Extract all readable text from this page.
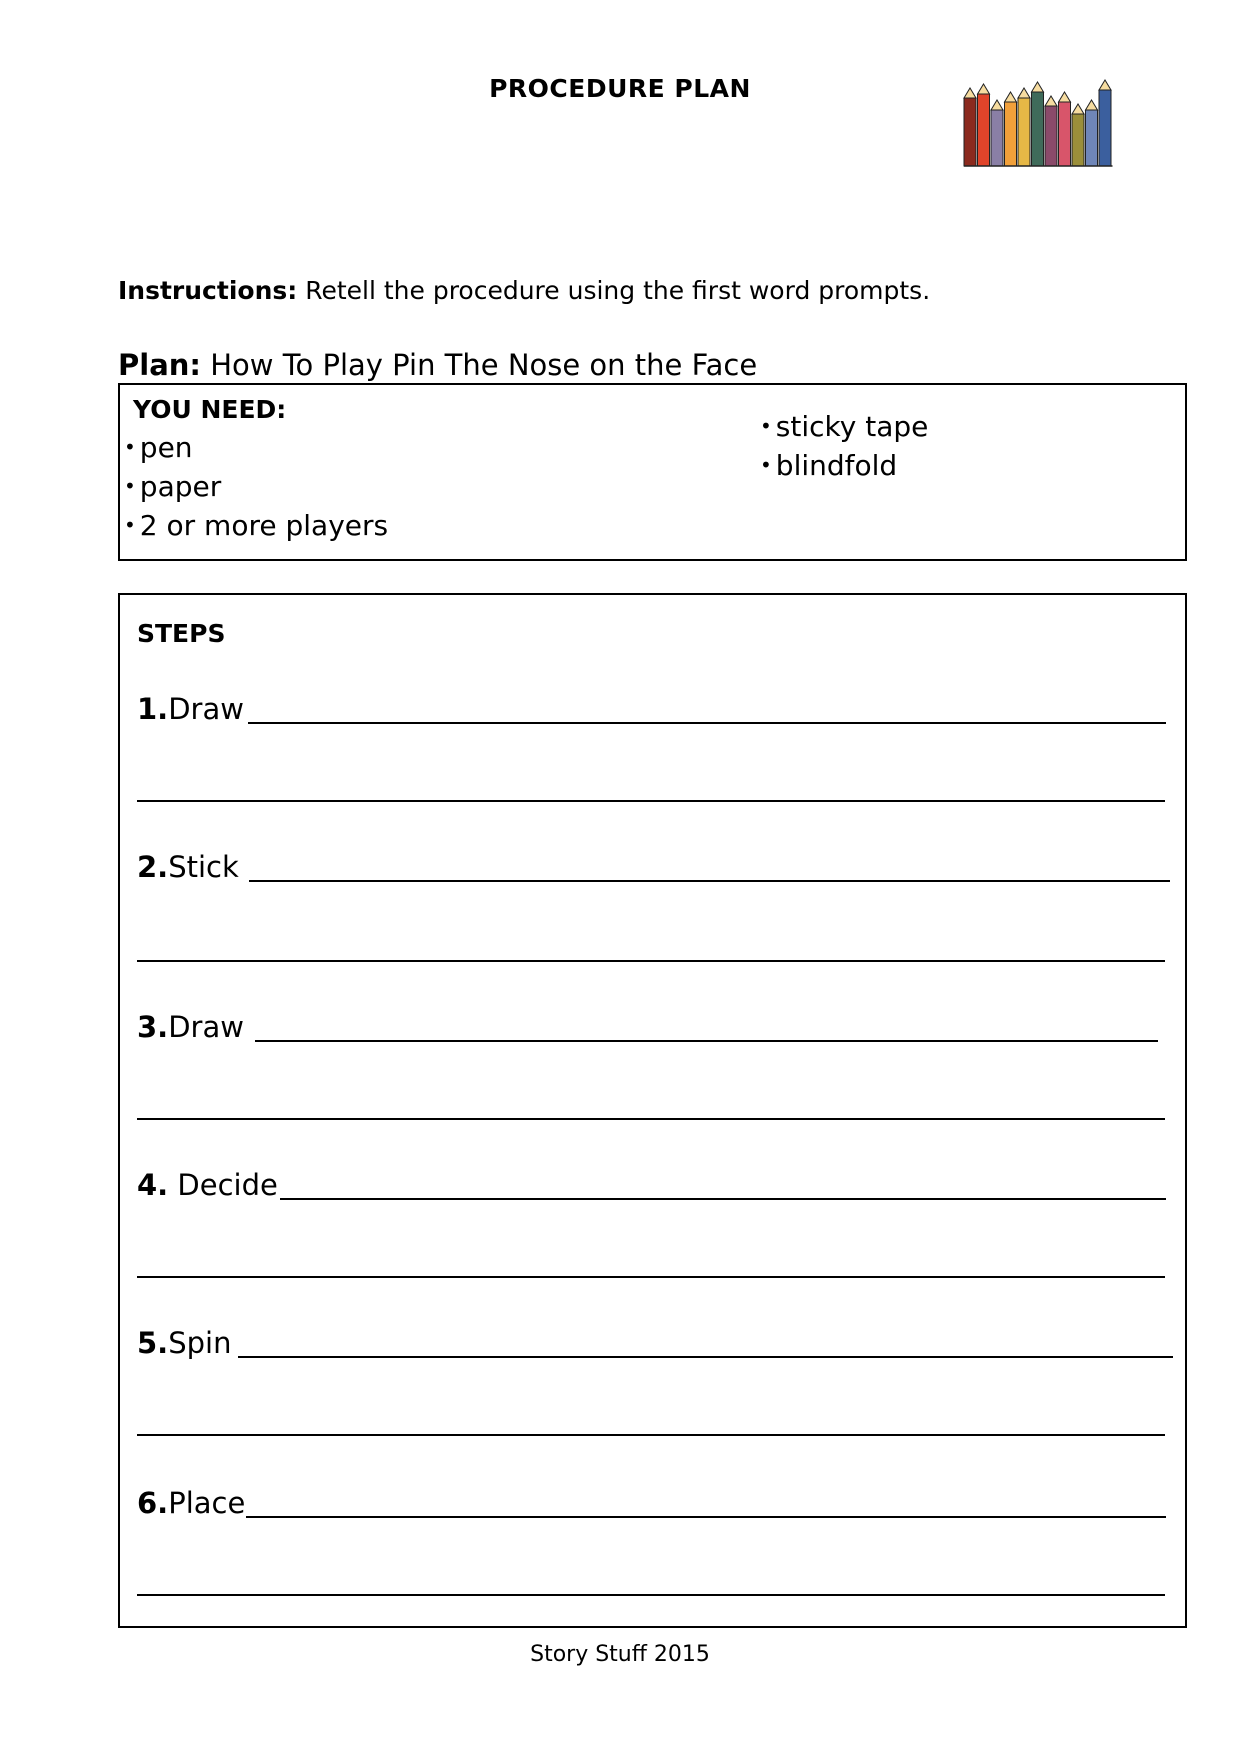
PROCEDURE PLAN
Instructions: Retell the procedure using the first word prompts.
Plan: How To Play Pin The Nose on the Face
YOU NEED:
• pen
• paper
• 2 or more players
• sticky tape
• blindfold
STEPS
1.Draw
2.Stick
3.Draw
4. Decide
5.Spin
6.Place
Story Stuff 2015
